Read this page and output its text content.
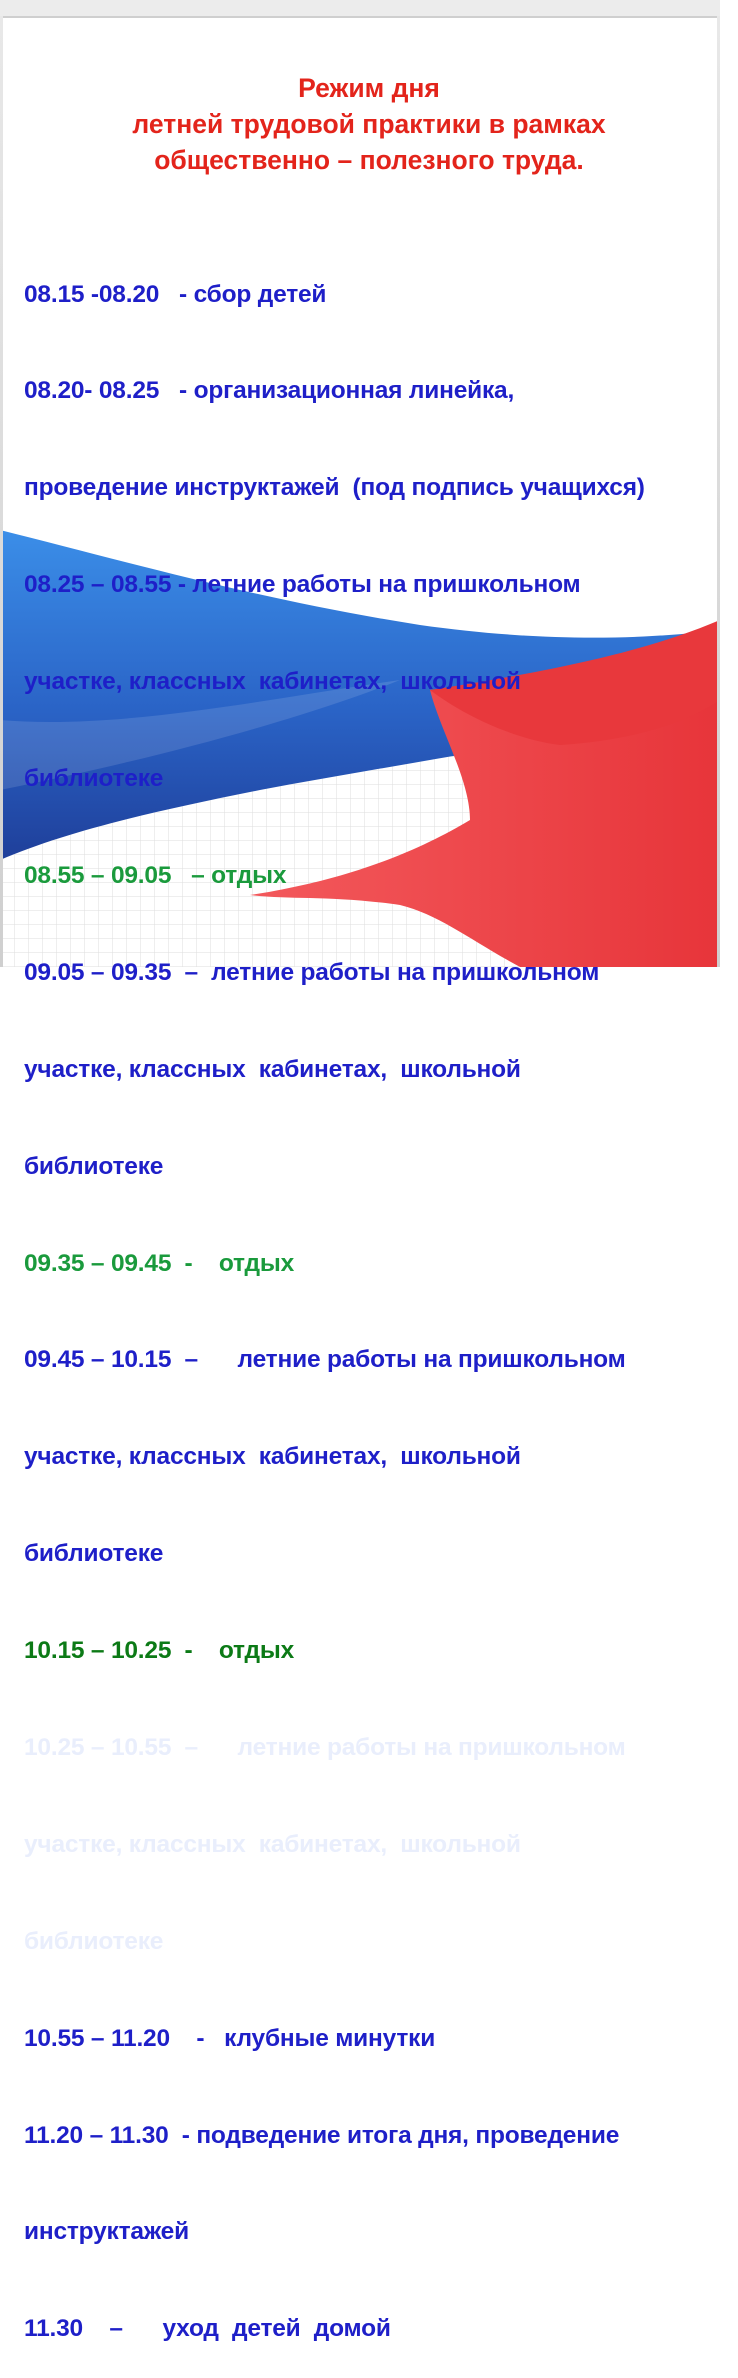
Режим дня
летней трудовой практики в рамках
общественно – полезного труда.

08.15 -08.20   - сбор детей

08.20- 08.25   - организационная линейка,

проведение инструктажей  (под подпись учащихся)

08.25 – 08.55 - летние работы на пришкольном

участке, классных  кабинетах,  школьной

библиотеке

08.55 – 09.05   – отдых

09.05 – 09.35  –  летние работы на пришкольном

участке, классных  кабинетах,  школьной

библиотеке

09.35 – 09.45  -    отдых

09.45 – 10.15  –      летние работы на пришкольном

участке, классных  кабинетах,  школьной

библиотеке

10.15 – 10.25  -    отдых

10.25 – 10.55  –      летние работы на пришкольном

участке, классных  кабинетах,  школьной

библиотеке

10.55 – 11.20    -   клубные минутки

11.20 – 11.30  - подведение итога дня, проведение

инструктажей

11.30    –      уход  детей  домой
